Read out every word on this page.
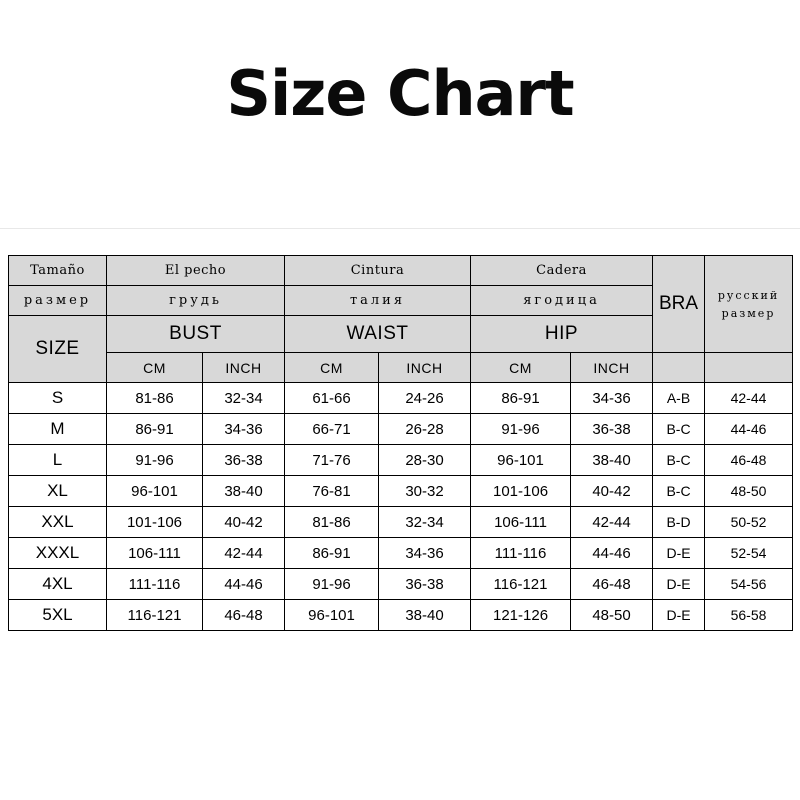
Size Chart
Tamaño	El pecho		Cintura		Cadera		BRA	русский размер
размер	грудь		талия		ягодица			
SIZE	BUST		WAIST		HIP			
	CM	INCH	CM	INCH	CM	INCH		
S	81-86	32-34	61-66	24-26	86-91	34-36	A-B	42-44
M	86-91	34-36	66-71	26-28	91-96	36-38	B-C	44-46
L	91-96	36-38	71-76	28-30	96-101	38-40	B-C	46-48
XL	96-101	38-40	76-81	30-32	101-106	40-42	B-C	48-50
XXL	101-106	40-42	81-86	32-34	106-111	42-44	B-D	50-52
XXXL	106-111	42-44	86-91	34-36	111-116	44-46	D-E	52-54
4XL	111-116	44-46	91-96	36-38	116-121	46-48	D-E	54-56
5XL	116-121	46-48	96-101	38-40	121-126	48-50	D-E	56-58
